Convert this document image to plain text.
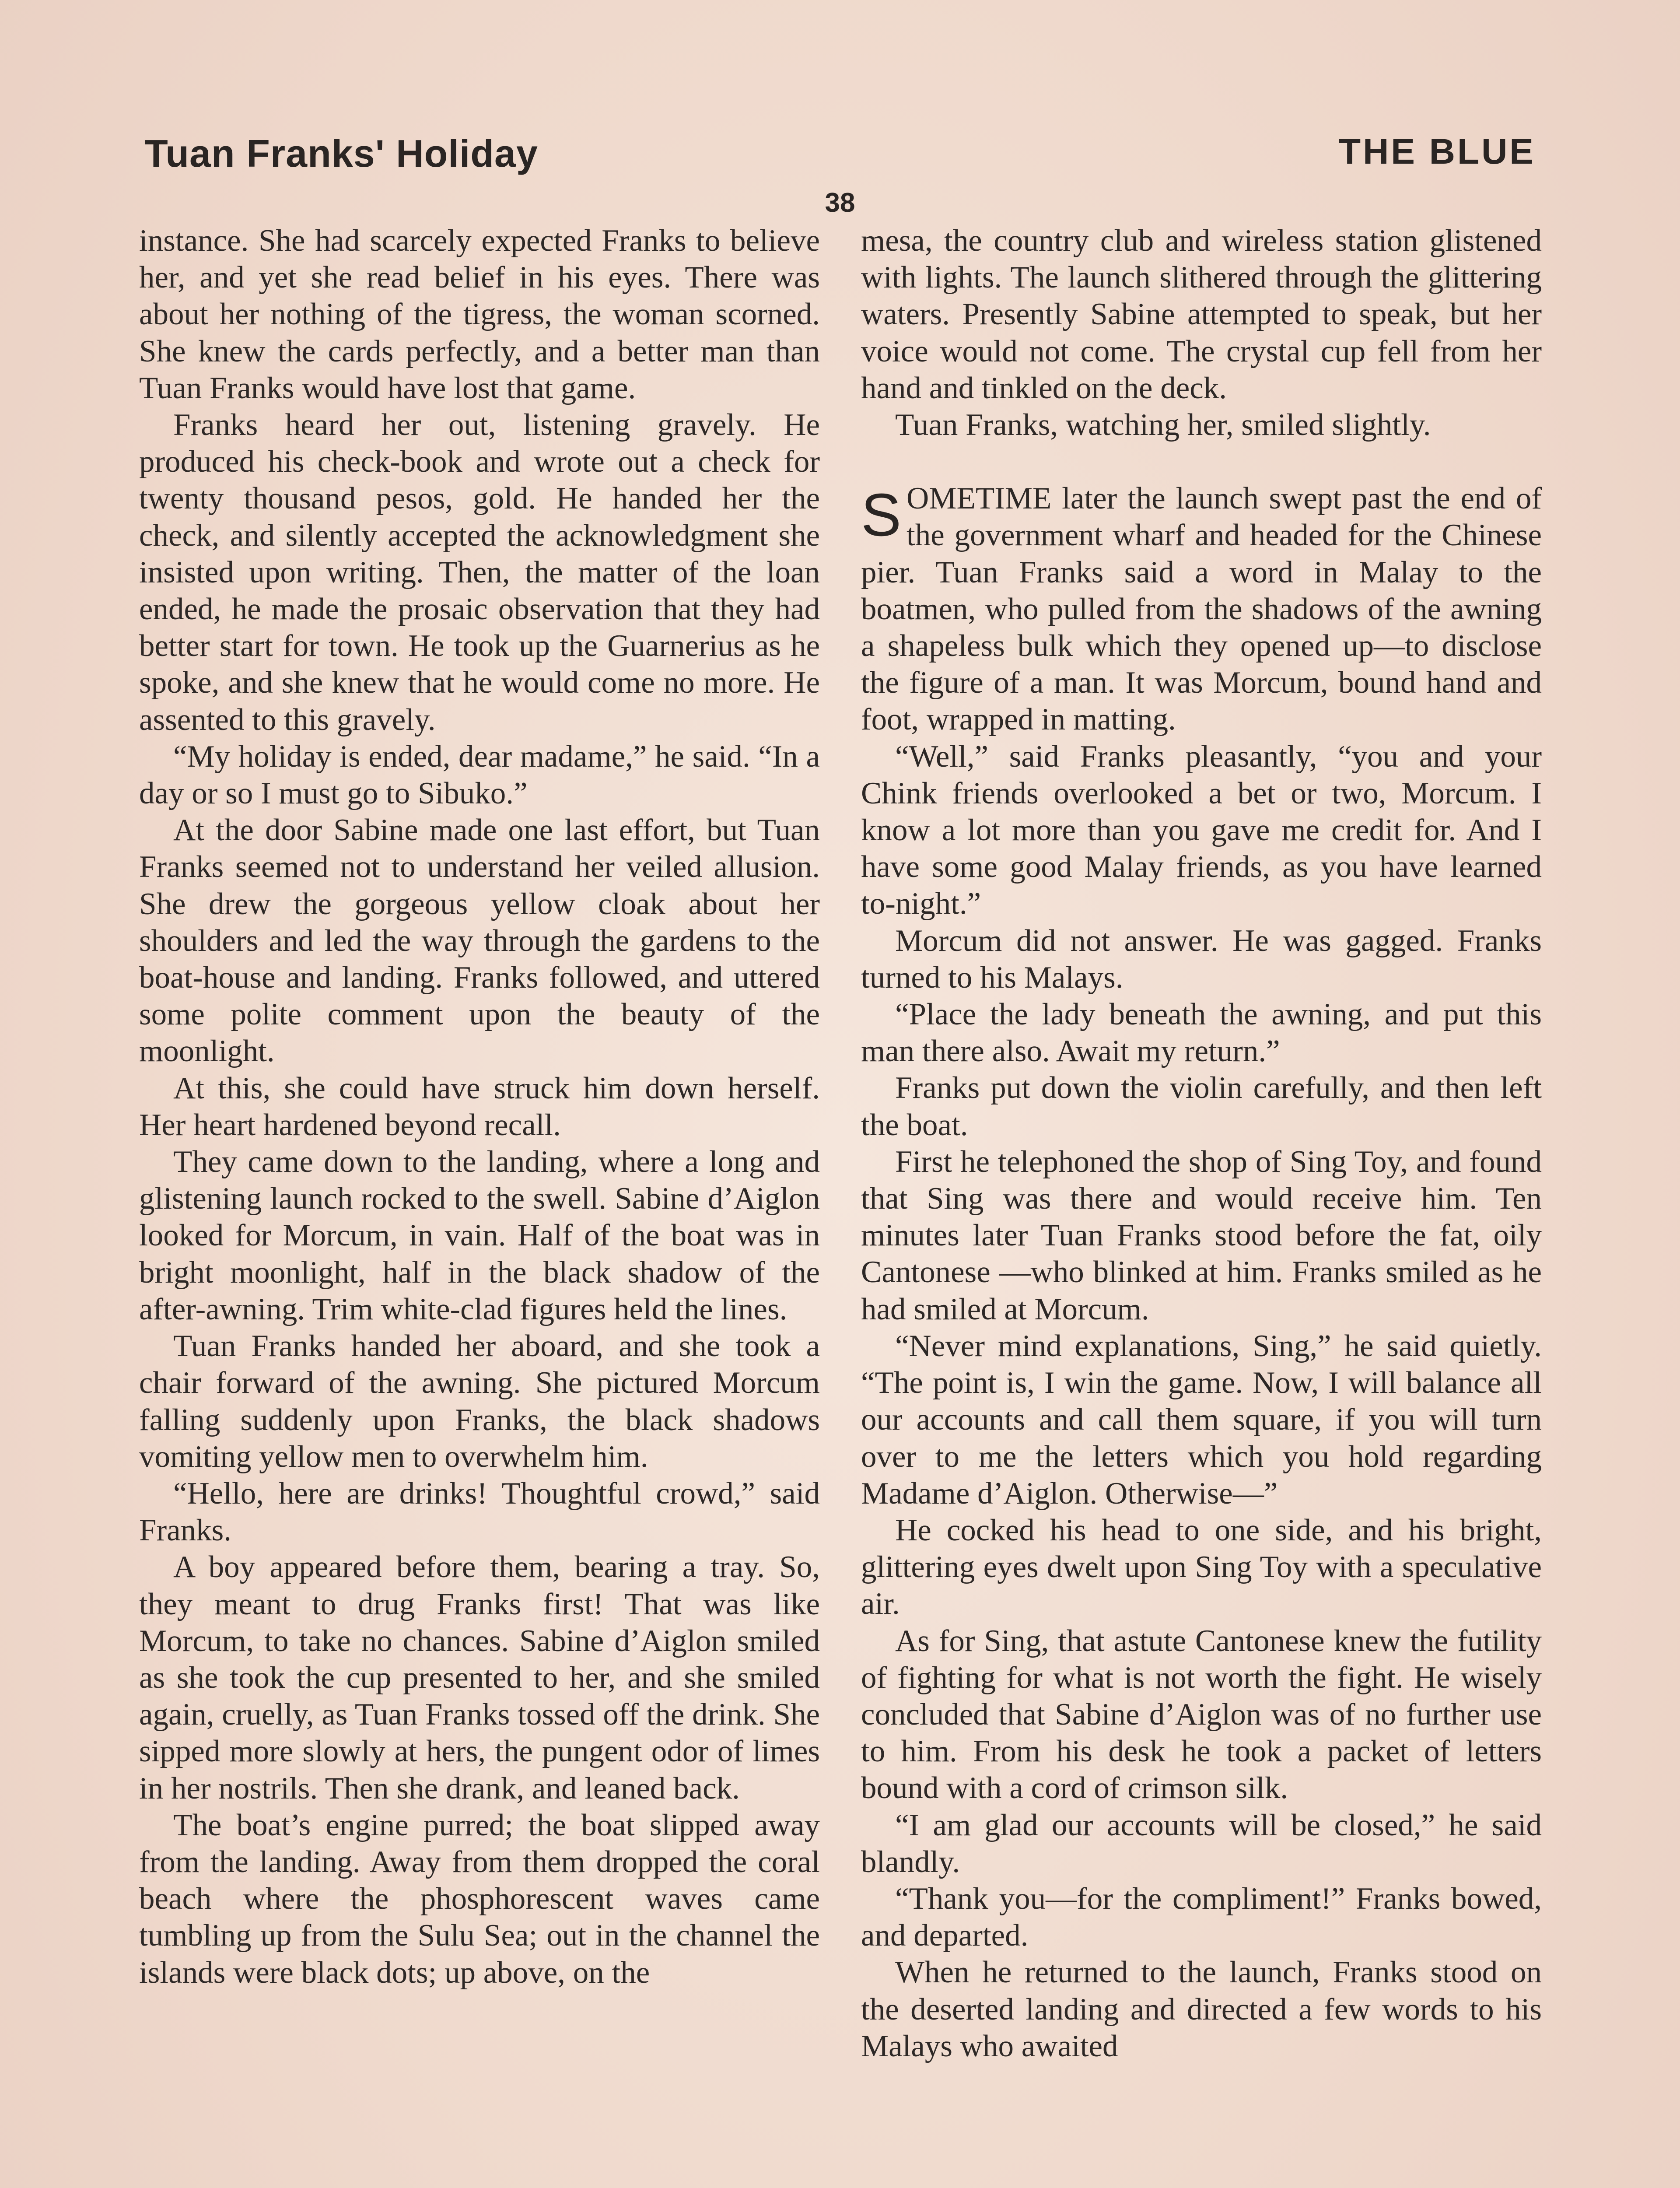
Tuan Franks' Holiday	THE BLUE
38

instance. She had scarcely expected Franks to believe her, and yet she read belief in his eyes. There was about her nothing of the tigress, the woman scorned. She knew the cards perfectly, and a better man than Tuan Franks would have lost that game.

Franks heard her out, listening gravely. He produced his check-book and wrote out a check for twenty thousand pesos, gold. He handed her the check, and silently accepted the acknowledgment she insisted upon writing. Then, the matter of the loan ended, he made the prosaic observation that they had better start for town. He took up the Guarnerius as he spoke, and she knew that he would come no more. He assented to this gravely.

“My holiday is ended, dear madame,” he said. “In a day or so I must go to Sibuko.”

At the door Sabine made one last effort, but Tuan Franks seemed not to understand her veiled allusion. She drew the gorgeous yellow cloak about her shoulders and led the way through the gardens to the boat-house and landing. Franks followed, and uttered some polite comment upon the beauty of the moonlight.

At this, she could have struck him down herself. Her heart hardened beyond recall.

They came down to the landing, where a long and glistening launch rocked to the swell. Sabine d’Aiglon looked for Morcum, in vain. Half of the boat was in bright moonlight, half in the black shadow of the after-awning. Trim white-clad figures held the lines.

Tuan Franks handed her aboard, and she took a chair forward of the awning. She pictured Morcum falling suddenly upon Franks, the black shadows vomiting yellow men to overwhelm him.

“Hello, here are drinks! Thoughtful crowd,” said Franks.

A boy appeared before them, bearing a tray. So, they meant to drug Franks first! That was like Morcum, to take no chances. Sabine d’Aiglon smiled as she took the cup presented to her, and she smiled again, cruelly, as Tuan Franks tossed off the drink. She sipped more slowly at hers, the pungent odor of limes in her nostrils. Then she drank, and leaned back.

The boat’s engine purred; the boat slipped away from the landing. Away from them dropped the coral beach where the phosphorescent waves came tumbling up from the Sulu Sea; out in the channel the islands were black dots; up above, on the

mesa, the country club and wireless station glistened with lights. The launch slithered through the glittering waters. Presently Sabine attempted to speak, but her voice would not come. The crystal cup fell from her hand and tinkled on the deck.

Tuan Franks, watching her, smiled slightly.

SOMETIME later the launch swept past the end of the government wharf and headed for the Chinese pier. Tuan Franks said a word in Malay to the boatmen, who pulled from the shadows of the awning a shapeless bulk which they opened up—to disclose the figure of a man. It was Morcum, bound hand and foot, wrapped in matting.

“Well,” said Franks pleasantly, “you and your Chink friends overlooked a bet or two, Morcum. I know a lot more than you gave me credit for. And I have some good Malay friends, as you have learned to-night.”

Morcum did not answer. He was gagged. Franks turned to his Malays.

“Place the lady beneath the awning, and put this man there also. Await my return.”

Franks put down the violin carefully, and then left the boat.

First he telephoned the shop of Sing Toy, and found that Sing was there and would receive him. Ten minutes later Tuan Franks stood before the fat, oily Cantonese —who blinked at him. Franks smiled as he had smiled at Morcum.

“Never mind explanations, Sing,” he said quietly. “The point is, I win the game. Now, I will balance all our accounts and call them square, if you will turn over to me the letters which you hold regarding Madame d’Aiglon. Otherwise—”

He cocked his head to one side, and his bright, glittering eyes dwelt upon Sing Toy with a speculative air.

As for Sing, that astute Cantonese knew the futility of fighting for what is not worth the fight. He wisely concluded that Sabine d’Aiglon was of no further use to him. From his desk he took a packet of letters bound with a cord of crimson silk.

“I am glad our accounts will be closed,” he said blandly.

“Thank you—for the compliment!” Franks bowed, and departed.

When he returned to the launch, Franks stood on the deserted landing and directed a few words to his Malays who awaited
